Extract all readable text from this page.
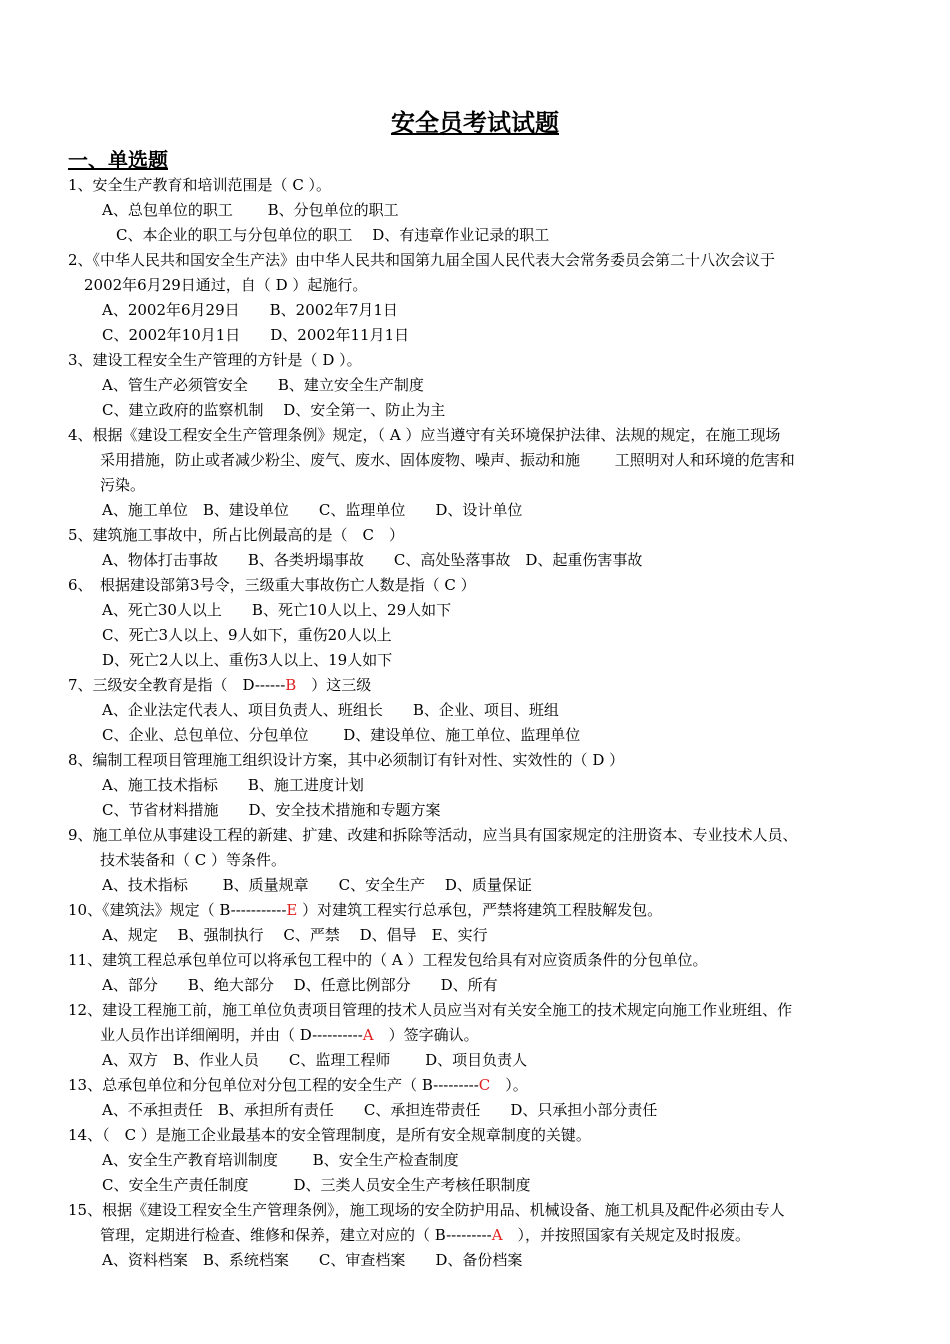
安全员考试试题
一、单选题
1、安全生产教育和培训范围是（ C ）。
A、总包单位的职工　　 B、分包单位的职工
C、本企业的职工与分包单位的职工　 D、有违章作业记录的职工
2、《中华人民共和国安全生产法》由中华人民共和国第九届全国人民代表大会常务委员会第二十八次会议于
2002年6月29日通过，自（ D ）起施行。
A、2002年6月29日　　B、2002年7月1日
C、2002年10月1日　　D、2002年11月1日
3、建设工程安全生产管理的方针是（ D ）。
A、管生产必须管安全　　B、建立安全生产制度
C、建立政府的监察机制　 D、安全第一、防止为主
4、根据《建设工程安全生产管理条例》规定，（ A ）应当遵守有关环境保护法律、法规的规定，在施工现场
采用措施，防止或者减少粉尘、废气、废水、固体废物、噪声、振动和施　　 工照明对人和环境的危害和
污染。
A、施工单位　B、建设单位　　C、监理单位　　D、设计单位
5、建筑施工事故中，所占比例最高的是（　C　）
A、物体打击事故　　B、各类坍塌事故　　C、高处坠落事故　D、起重伤害事故
6、　根据建设部第3号令，三级重大事故伤亡人数是指（ C ）
A、死亡30人以上　　B、死亡10人以上、29人如下
C、死亡3人以上、9人如下，重伤20人以上
D、死亡2人以上、重伤3人以上、19人如下
7、三级安全教育是指（　D------B　）这三级
A、企业法定代表人、项目负责人、班组长　　B、企业、项目、班组
C、企业、总包单位、分包单位　　 D、建设单位、施工单位、监理单位
8、编制工程项目管理施工组织设计方案，其中必须制订有针对性、实效性的（ D ）
A、施工技术指标　　B、施工进度计划
C、节省材料措施　　D、安全技术措施和专题方案
9、施工单位从事建设工程的新建、扩建、改建和拆除等活动，应当具有国家规定的注册资本、专业技术人员、
技术装备和（ C ）等条件。
A、技术指标　　 B、质量规章　　C、安全生产　 D、质量保证
10、《建筑法》规定（ B-----------E ）对建筑工程实行总承包，严禁将建筑工程肢解发包。
A、规定　 B、强制执行　 C、严禁　 D、倡导　E、实行
11、建筑工程总承包单位可以将承包工程中的（ A ）工程发包给具有对应资质条件的分包单位。
A、部分　　B、绝大部分　 D、任意比例部分　　D、所有
12、建设工程施工前，施工单位负责项目管理的技术人员应当对有关安全施工的技术规定向施工作业班组、作
业人员作出详细阐明，并由（ D----------A　）签字确认。
A、双方　B、作业人员　　C、监理工程师　　 D、项目负责人
13、总承包单位和分包单位对分包工程的安全生产（ B---------C　）。
A、不承担责任　B、承担所有责任　　C、承担连带责任　　D、只承担小部分责任
14、（　C ）是施工企业最基本的安全管理制度，是所有安全规章制度的关键。
A、安全生产教育培训制度　　 B、安全生产检查制度
C、安全生产责任制度　　　D、三类人员安全生产考核任职制度
15、根据《建设工程安全生产管理条例》，施工现场的安全防护用品、机械设备、施工机具及配件必须由专人
管理，定期进行检查、维修和保养，建立对应的（ B---------A　），并按照国家有关规定及时报废。
A、资料档案　B、系统档案　　C、审查档案　　D、备份档案
